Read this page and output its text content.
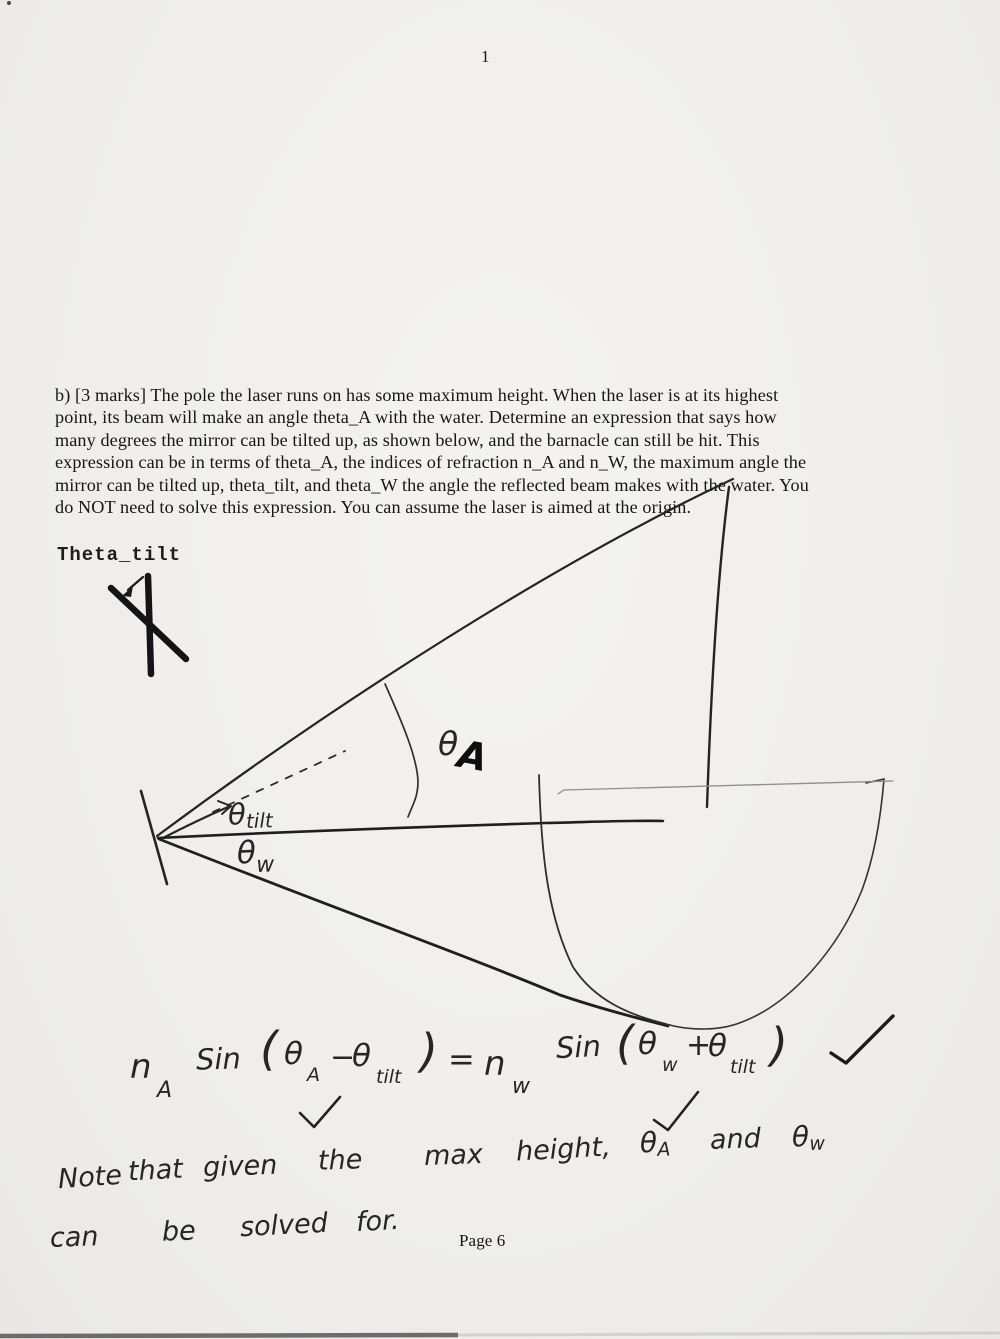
1
b) [3 marks] The pole the laser runs on has some maximum height. When the laser is at its highest
point, its beam will make an angle theta_A with the water. Determine an expression that says how
many degrees the mirror can be tilted up, as shown below, and the barnacle can still be hit. This
expression can be in terms of theta_A, the indices of refraction n_A and n_W, the maximum angle the
mirror can be tilted up, theta_tilt, and theta_W the angle the reflected beam makes with the water. You
do NOT need to solve this expression. You can assume the laser is aimed at the origin.
Theta_tilt
θtilt
θw
θA
n
A
Sin ( θ
A −
θ
tilt ) = n
w
Sin ( θ
w
+
θ
tilt )
Note that given the max height, θA and θw
can be solved for.
Page 6
